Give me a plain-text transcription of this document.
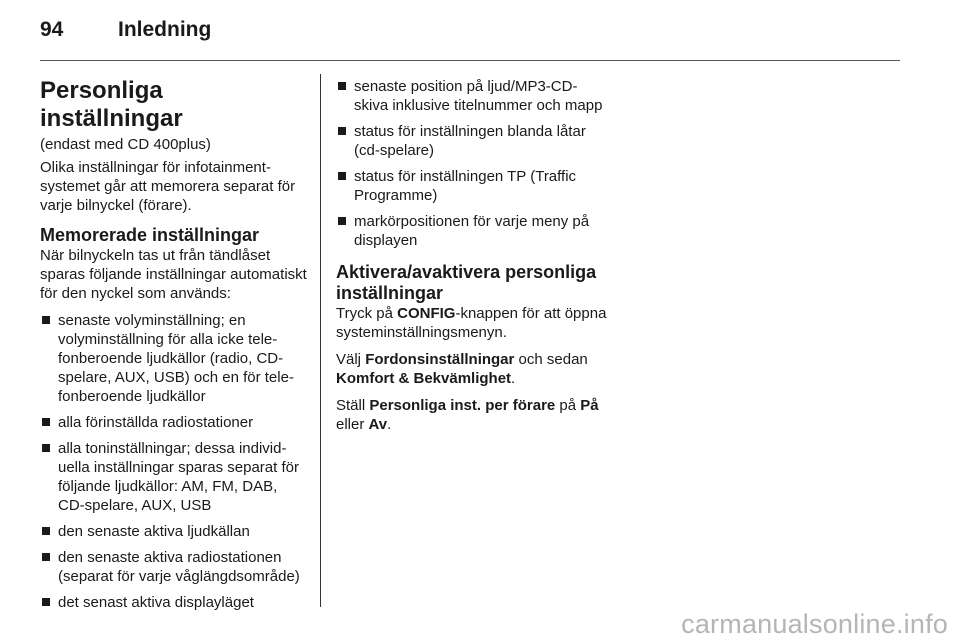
94	Inledning
Personliga inställningar

(endast med CD 400plus)

Olika inställningar för infotainmentsystemet går att memorera separat för varje bilnyckel (förare).

Memorerade inställningar

När bilnyckeln tas ut från tändlåset sparas följande inställningar automatiskt för den nyckel som används:

senaste volyminställning; en volyminställning för alla icke telefonberoende ljudkällor (radio, CD-spelare, AUX, USB) och en för telefonberoende ljudkällor
alla förinställda radiostationer
alla toninställningar; dessa individuella inställningar sparas separat för följande ljudkällor: AM, FM, DAB, CD-spelare, AUX, USB
den senaste aktiva ljudkällan
den senaste aktiva radiostationen (separat för varje våglängdsområde)
det senast aktiva displayläget
senaste position på ljud/MP3-CD-skiva inklusive titelnummer och mapp
status för inställningen blanda låtar (cd-spelare)
status för inställningen TP (Traffic Programme)
markörpositionen för varje meny på displayen
Aktivera/avaktivera personliga inställningar

Tryck på CONFIG-knappen för att öppna systeminställningsmenyn.

Välj Fordonsinställningar och sedan Komfort & Bekvämlighet.

Ställ Personliga inst. per förare på På eller Av.

carmanualsonline.info
